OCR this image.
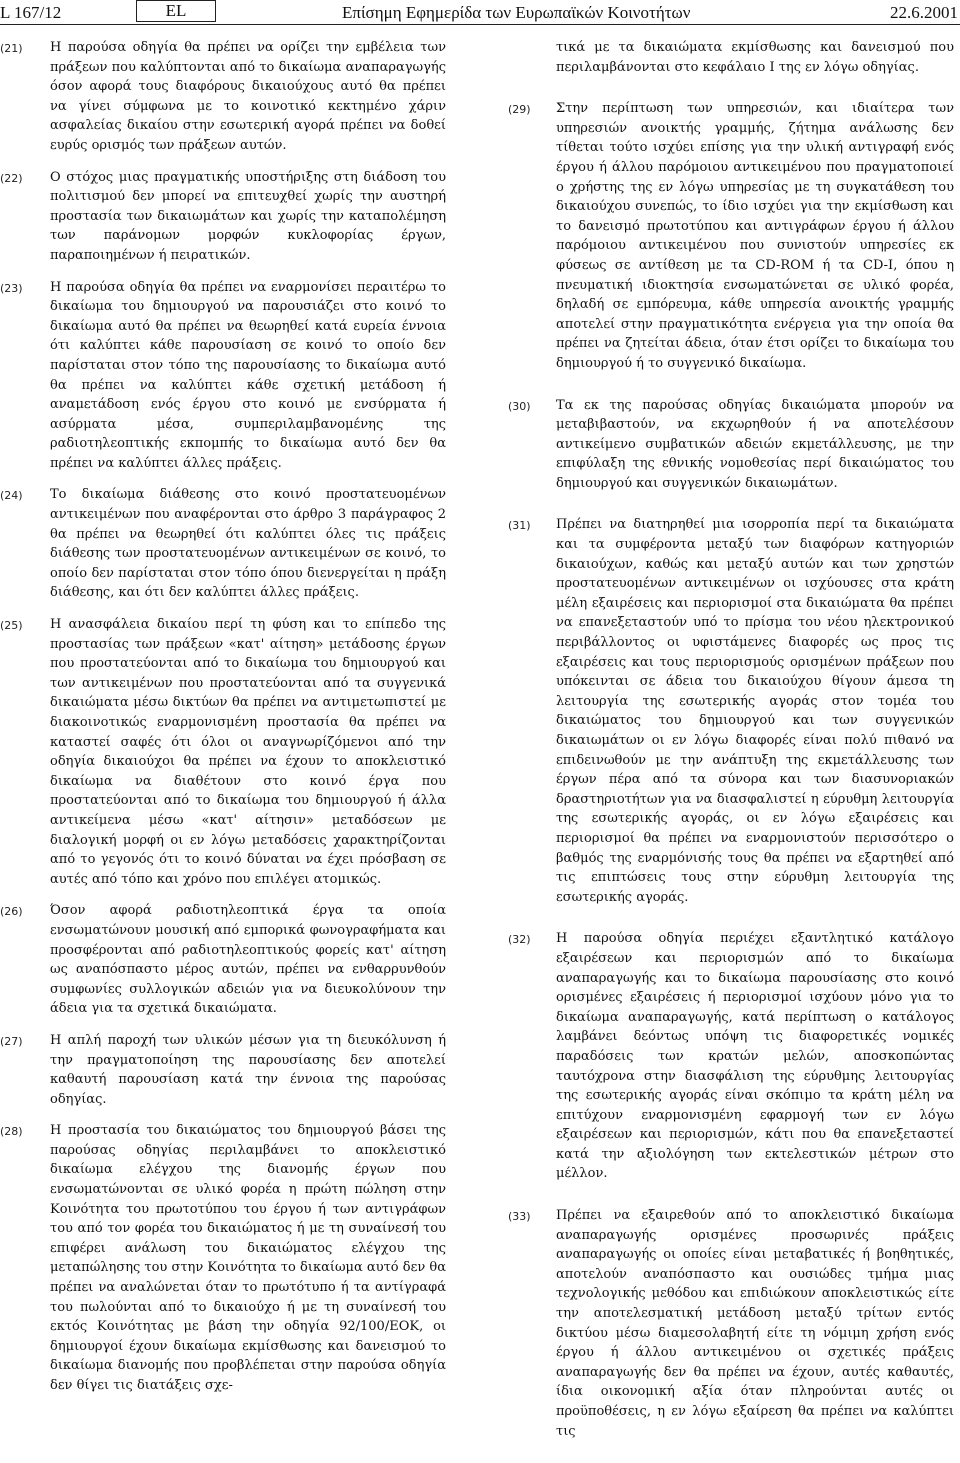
L 167/12	EL	Επίσημη Εφημερίδα των Ευρωπαϊκών Κοινοτήτων	22.6.2001
(21)	Η παρούσα οδηγία θα πρέπει να ορίζει την εμβέλεια των πράξεων που καλύπτονται από το δικαίωμα αναπαραγωγής όσον αφορά τους διαφόρους δικαιούχους αυτό θα πρέπει να γίνει σύμφωνα με το κοινοτικό κεκτημένο χάριν ασφαλείας δικαίου στην εσωτερική αγορά πρέπει να δοθεί ευρύς ορισμός των πράξεων αυτών.
(22)	Ο στόχος μιας πραγματικής υποστήριξης στη διάδοση του πολιτισμού δεν μπορεί να επιτευχθεί χωρίς την αυστηρή προστασία των δικαιωμάτων και χωρίς την καταπολέμηση των παράνομων μορφών κυκλοφορίας έργων, παραποιημένων ή πειρατικών.
(23)	Η παρούσα οδηγία θα πρέπει να εναρμονίσει περαιτέρω το δικαίωμα του δημιουργού να παρουσιάζει στο κοινό το δικαίωμα αυτό θα πρέπει να θεωρηθεί κατά ευρεία έννοια ότι καλύπτει κάθε παρουσίαση σε κοινό το οποίο δεν παρίσταται στον τόπο της παρουσίασης το δικαίωμα αυτό θα πρέπει να καλύπτει κάθε σχετική μετάδοση ή αναμετάδοση ενός έργου στο κοινό με ενσύρματα ή ασύρματα μέσα, συμπεριλαμβανομένης της ραδιοτηλεοπτικής εκπομπής το δικαίωμα αυτό δεν θα πρέπει να καλύπτει άλλες πράξεις.
(24)	Το δικαίωμα διάθεσης στο κοινό προστατευομένων αντικειμένων που αναφέρονται στο άρθρο 3 παράγραφος 2 θα πρέπει να θεωρηθεί ότι καλύπτει όλες τις πράξεις διάθεσης των προστατευομένων αντικειμένων σε κοινό, το οποίο δεν παρίσταται στον τόπο όπου διενεργείται η πράξη διάθεσης, και ότι δεν καλύπτει άλλες πράξεις.
(25)	Η ανασφάλεια δικαίου περί τη φύση και το επίπεδο της προστασίας των πράξεων «κατ' αίτηση» μετάδοσης έργων που προστατεύονται από το δικαίωμα του δημιουργού και των αντικειμένων που προστατεύονται από τα συγγενικά δικαιώματα μέσω δικτύων θα πρέπει να αντιμετωπιστεί με διακοινοτικώς εναρμονισμένη προστασία θα πρέπει να καταστεί σαφές ότι όλοι οι αναγνωρίζόμενοι από την οδηγία δικαιούχοι θα πρέπει να έχουν το αποκλειστικό δικαίωμα να διαθέτουν στο κοινό έργα που προστατεύονται από το δικαίωμα του δημιουργού ή άλλα αντικείμενα μέσω «κατ' αίτησιν» μεταδόσεων με διαλογική μορφή οι εν λόγω μεταδόσεις χαρακτηρίζονται από το γεγονός ότι το κοινό δύναται να έχει πρόσβαση σε αυτές από τόπο και χρόνο που επιλέγει ατομικώς.
(26)	Όσον αφορά ραδιοτηλεοπτικά έργα τα οποία ενσωματώνουν μουσική από εμπορικά φωνογραφήματα και προσφέρονται από ραδιοτηλεοπτικούς φορείς κατ' αίτηση ως αναπόσπαστο μέρος αυτών, πρέπει να ενθαρρυνθούν συμφωνίες συλλογικών αδειών για να διευκολύνουν την άδεια για τα σχετικά δικαιώματα.
(27)	Η απλή παροχή των υλικών μέσων για τη διευκόλυνση ή την πραγματοποίηση της παρουσίασης δεν αποτελεί καθαυτή παρουσίαση κατά την έννοια της παρούσας οδηγίας.
(28)	Η προστασία του δικαιώματος του δημιουργού βάσει της παρούσας οδηγίας περιλαμβάνει το αποκλειστικό δικαίωμα ελέγχου της διανομής έργων που ενσωματώνονται σε υλικό φορέα η πρώτη πώληση στην Κοινότητα του πρωτοτύπου του έργου ή των αντιγράφων του από τον φορέα του δικαιώματος ή με τη συναίνεσή του επιφέρει ανάλωση του δικαιώματος ελέγχου της μεταπώλησης του στην Κοινότητα το δικαίωμα αυτό δεν θα πρέπει να αναλώνεται όταν το πρωτότυπο ή τα αντίγραφά του πωλούνται από το δικαιούχο ή με τη συναίνεσή του εκτός Κοινότητας με βάση την οδηγία 92/100/ΕΟΚ, οι δημιουργοί έχουν δικαίωμα εκμίσθωσης και δανεισμού το δικαίωμα διανομής που προβλέπεται στην παρούσα οδηγία δεν θίγει τις διατάξεις σχε-
τικά με τα δικαιώματα εκμίσθωσης και δανεισμού που περιλαμβάνονται στο κεφάλαιο Ι της εν λόγω οδηγίας.
(29)	Στην περίπτωση των υπηρεσιών, και ιδιαίτερα των υπηρεσιών ανοικτής γραμμής, ζήτημα ανάλωσης δεν τίθεται τούτο ισχύει επίσης για την υλική αντιγραφή ενός έργου ή άλλου παρόμοιου αντικειμένου που πραγματοποιεί ο χρήστης της εν λόγω υπηρεσίας με τη συγκατάθεση του δικαιούχου συνεπώς, το ίδιο ισχύει για την εκμίσθωση και το δανεισμό πρωτοτύπου και αντιγράφων έργου ή άλλου παρόμοιου αντικειμένου που συνιστούν υπηρεσίες εκ φύσεως σε αντίθεση με τα CD-ROM ή τα CD-I, όπου η πνευματική ιδιοκτησία ενσωματώνεται σε υλικό φορέα, δηλαδή σε εμπόρευμα, κάθε υπηρεσία ανοικτής γραμμής αποτελεί στην πραγματικότητα ενέργεια για την οποία θα πρέπει να ζητείται άδεια, όταν έτσι ορίζει το δικαίωμα του δημιουργού ή το συγγενικό δικαίωμα.
(30)	Τα εκ της παρούσας οδηγίας δικαιώματα μπορούν να μεταβιβαστούν, να εκχωρηθούν ή να αποτελέσουν αντικείμενο συμβατικών αδειών εκμετάλλευσης, με την επιφύλαξη της εθνικής νομοθεσίας περί δικαιώματος του δημιουργού και συγγενικών δικαιωμάτων.
(31)	Πρέπει να διατηρηθεί μια ισορροπία περί τα δικαιώματα και τα συμφέροντα μεταξύ των διαφόρων κατηγοριών δικαιούχων, καθώς και μεταξύ αυτών και των χρηστών προστατευομένων αντικειμένων οι ισχύουσες στα κράτη μέλη εξαιρέσεις και περιορισμοί στα δικαιώματα θα πρέπει να επανεξεταστούν υπό το πρίσμα του νέου ηλεκτρονικού περιβάλλοντος οι υφιστάμενες διαφορές ως προς τις εξαιρέσεις και τους περιορισμούς ορισμένων πράξεων που υπόκεινται σε άδεια του δικαιούχου θίγουν άμεσα τη λειτουργία της εσωτερικής αγοράς στον τομέα του δικαιώματος του δημιουργού και των συγγενικών δικαιωμάτων οι εν λόγω διαφορές είναι πολύ πιθανό να επιδεινωθούν με την ανάπτυξη της εκμετάλλευσης των έργων πέρα από τα σύνορα και των διασυνοριακών δραστηριοτήτων για να διασφαλιστεί η εύρυθμη λειτουργία της εσωτερικής αγοράς, οι εν λόγω εξαιρέσεις και περιορισμοί θα πρέπει να εναρμονιστούν περισσότερο ο βαθμός της εναρμόνισής τους θα πρέπει να εξαρτηθεί από τις επιπτώσεις τους στην εύρυθμη λειτουργία της εσωτερικής αγοράς.
(32)	Η παρούσα οδηγία περιέχει εξαντλητικό κατάλογο εξαιρέσεων και περιορισμών από το δικαίωμα αναπαραγωγής και το δικαίωμα παρουσίασης στο κοινό ορισμένες εξαιρέσεις ή περιορισμοί ισχύουν μόνο για το δικαίωμα αναπαραγωγής, κατά περίπτωση ο κατάλογος λαμβάνει δεόντως υπόψη τις διαφορετικές νομικές παραδόσεις των κρατών μελών, αποσκοπώντας ταυτόχρονα στην διασφάλιση της εύρυθμης λειτουργίας της εσωτερικής αγοράς είναι σκόπιμο τα κράτη μέλη να επιτύχουν εναρμονισμένη εφαρμογή των εν λόγω εξαιρέσεων και περιορισμών, κάτι που θα επανεξεταστεί κατά την αξιολόγηση των εκτελεστικών μέτρων στο μέλλον.
(33)	Πρέπει να εξαιρεθούν από το αποκλειστικό δικαίωμα αναπαραγωγής ορισμένες προσωρινές πράξεις αναπαραγωγής οι οποίες είναι μεταβατικές ή βοηθητικές, αποτελούν αναπόσπαστο και ουσιώδες τμήμα μιας τεχνολογικής μεθόδου και επιδιώκουν αποκλειστικώς είτε την αποτελεσματική μετάδοση μεταξύ τρίτων εντός δικτύου μέσω διαμεσολαβητή είτε τη νόμιμη χρήση ενός έργου ή άλλου αντικειμένου οι σχετικές πράξεις αναπαραγωγής δεν θα πρέπει να έχουν, αυτές καθαυτές, ίδια οικονομική αξία όταν πληρούνται αυτές οι προϋποθέσεις, η εν λόγω εξαίρεση θα πρέπει να καλύπτει τις
